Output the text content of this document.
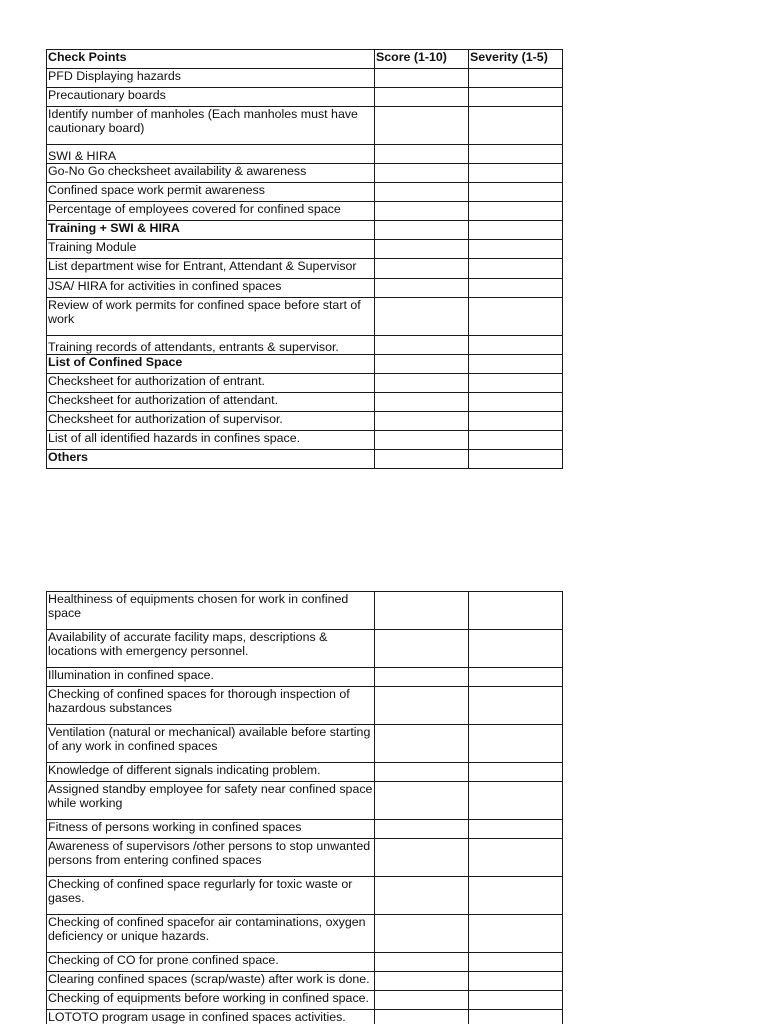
Check Points	Score (1-10)	Severity (1-5)
PFD Displaying hazards		
Precautionary boards		
Identify number of manholes (Each manholes must have cautionary board)		
SWI & HIRA		
Go-No Go checksheet availability & awareness		
Confined space work permit awareness		
Percentage of employees covered for confined space		
Training + SWI & HIRA		
Training Module		
List department wise for Entrant, Attendant & Supervisor		
JSA/ HIRA for activities in confined spaces		
Review of work permits for confined space before start of work		
Training records of attendants, entrants & supervisor.		
List of Confined Space		
Checksheet for authorization of entrant.		
Checksheet for authorization of attendant.		
Checksheet for authorization of supervisor.		
List of all identified hazards in confines space.		
Others		
Healthiness of equipments chosen for work in confined space		
Availability of accurate facility maps, descriptions & locations with emergency personnel.		
Illumination in confined space.		
Checking of confined spaces for thorough inspection of hazardous substances		
Ventilation (natural or mechanical) available before starting of any work in confined spaces		
Knowledge of different signals indicating problem.		
Assigned standby employee for safety near confined space while working		
Fitness of persons working in confined spaces		
Awareness of supervisors /other persons to stop unwanted persons from entering confined spaces		
Checking of confined space regurlarly for toxic waste or gases.		
Checking of confined spacefor air contaminations, oxygen deficiency or unique hazards.		
Checking of CO for prone confined space.		
Clearing confined spaces (scrap/waste) after work is done.		
Checking of equipments before working in confined space.		
LOTOTO program usage in confined spaces activities.		
